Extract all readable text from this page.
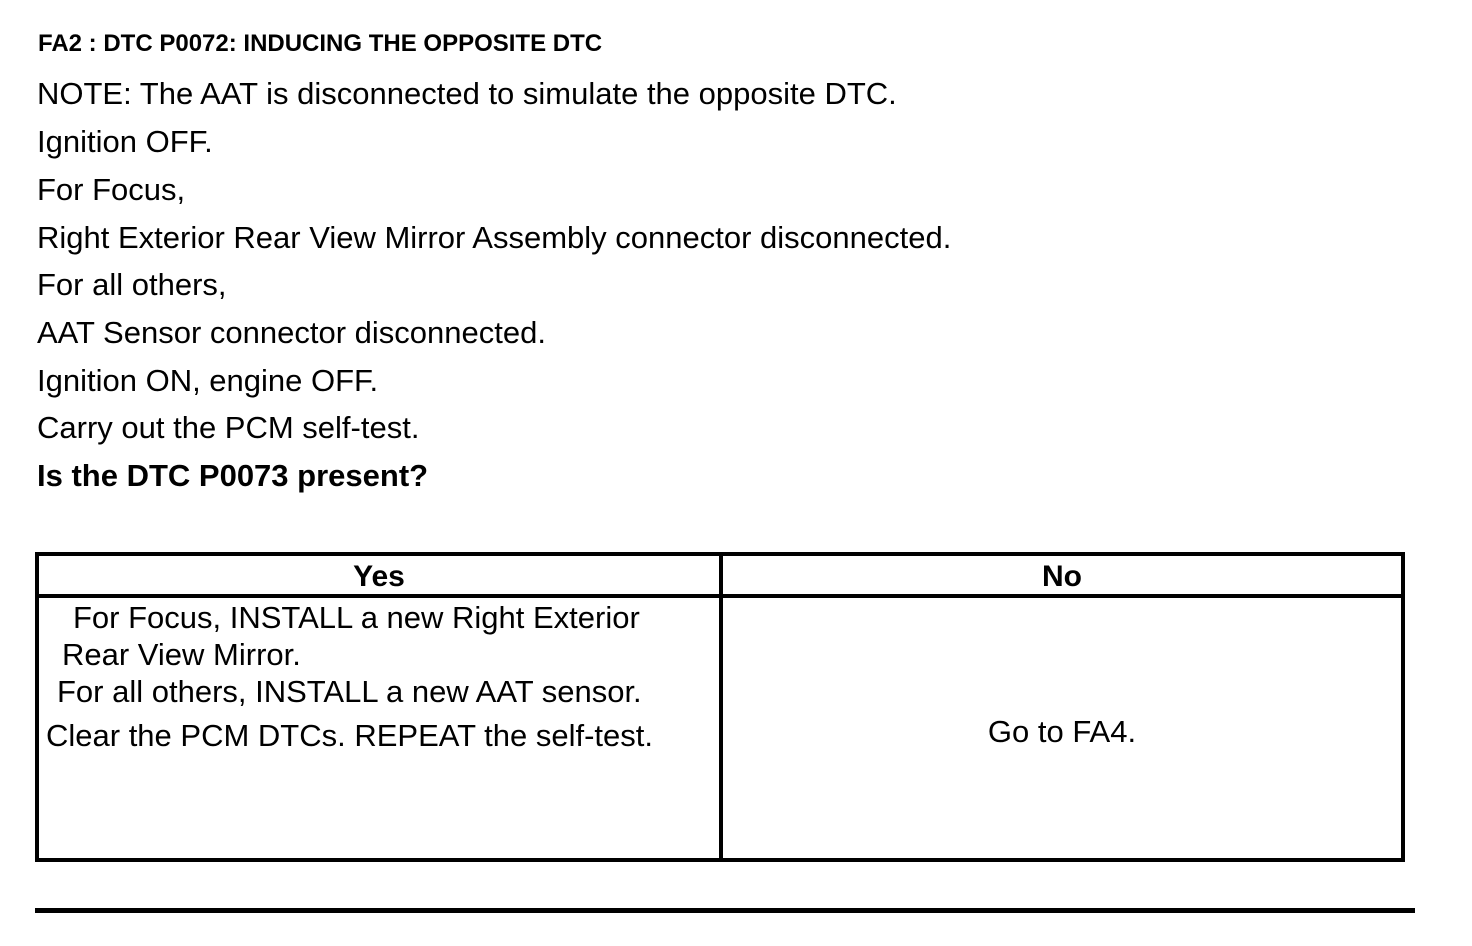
FA2 : DTC P0072: INDUCING THE OPPOSITE DTC
NOTE: The AAT is disconnected to simulate the opposite DTC.
Ignition OFF.
For Focus,
Right Exterior Rear View Mirror Assembly connector disconnected.
For all others,
AAT Sensor connector disconnected.
Ignition ON, engine OFF.
Carry out the PCM self-test.
Is the DTC P0073 present?
Yes	No
For Focus, INSTALL a new Right Exterior
Rear View Mirror.
For all others, INSTALL a new AAT sensor.
Clear the PCM DTCs. REPEAT the self-test.	Go to FA4.
